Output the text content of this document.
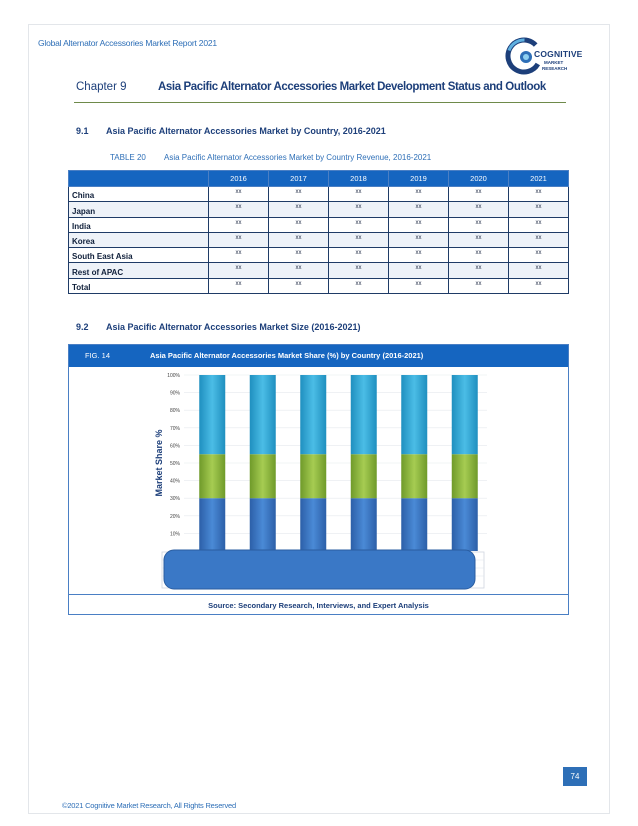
Global Alternator Accessories Market Report 2021
COGNITIVE
MARKET
RESEARCH
Chapter 9	Asia Pacific Alternator Accessories Market Development Status and Outlook
9.1 Asia Pacific Alternator Accessories Market by Country, 2016-2021
TABLE 20 Asia Pacific Alternator Accessories Market by Country Revenue, 2016-2021
	2016	2017	2018	2019	2020	2021
China	xx	xx	xx	xx	xx	xx
Japan	xx	xx	xx	xx	xx	xx
India	xx	xx	xx	xx	xx	xx
Korea	xx	xx	xx	xx	xx	xx
South East Asia	xx	xx	xx	xx	xx	xx
Rest of APAC	xx	xx	xx	xx	xx	xx
Total	xx	xx	xx	xx	xx	xx
9.2 Asia Pacific Alternator Accessories Market Size (2016-2021)
FIG. 14	Asia Pacific Alternator Accessories Market Share (%) by Country (2016-2021)
Source: Secondary Research, Interviews, and Expert Analysis
10%
20%
30%
40%
50%
60%
70%
80%
90%
100%
Market Share %
74
©2021 Cognitive Market Research, All Rights Reserved
